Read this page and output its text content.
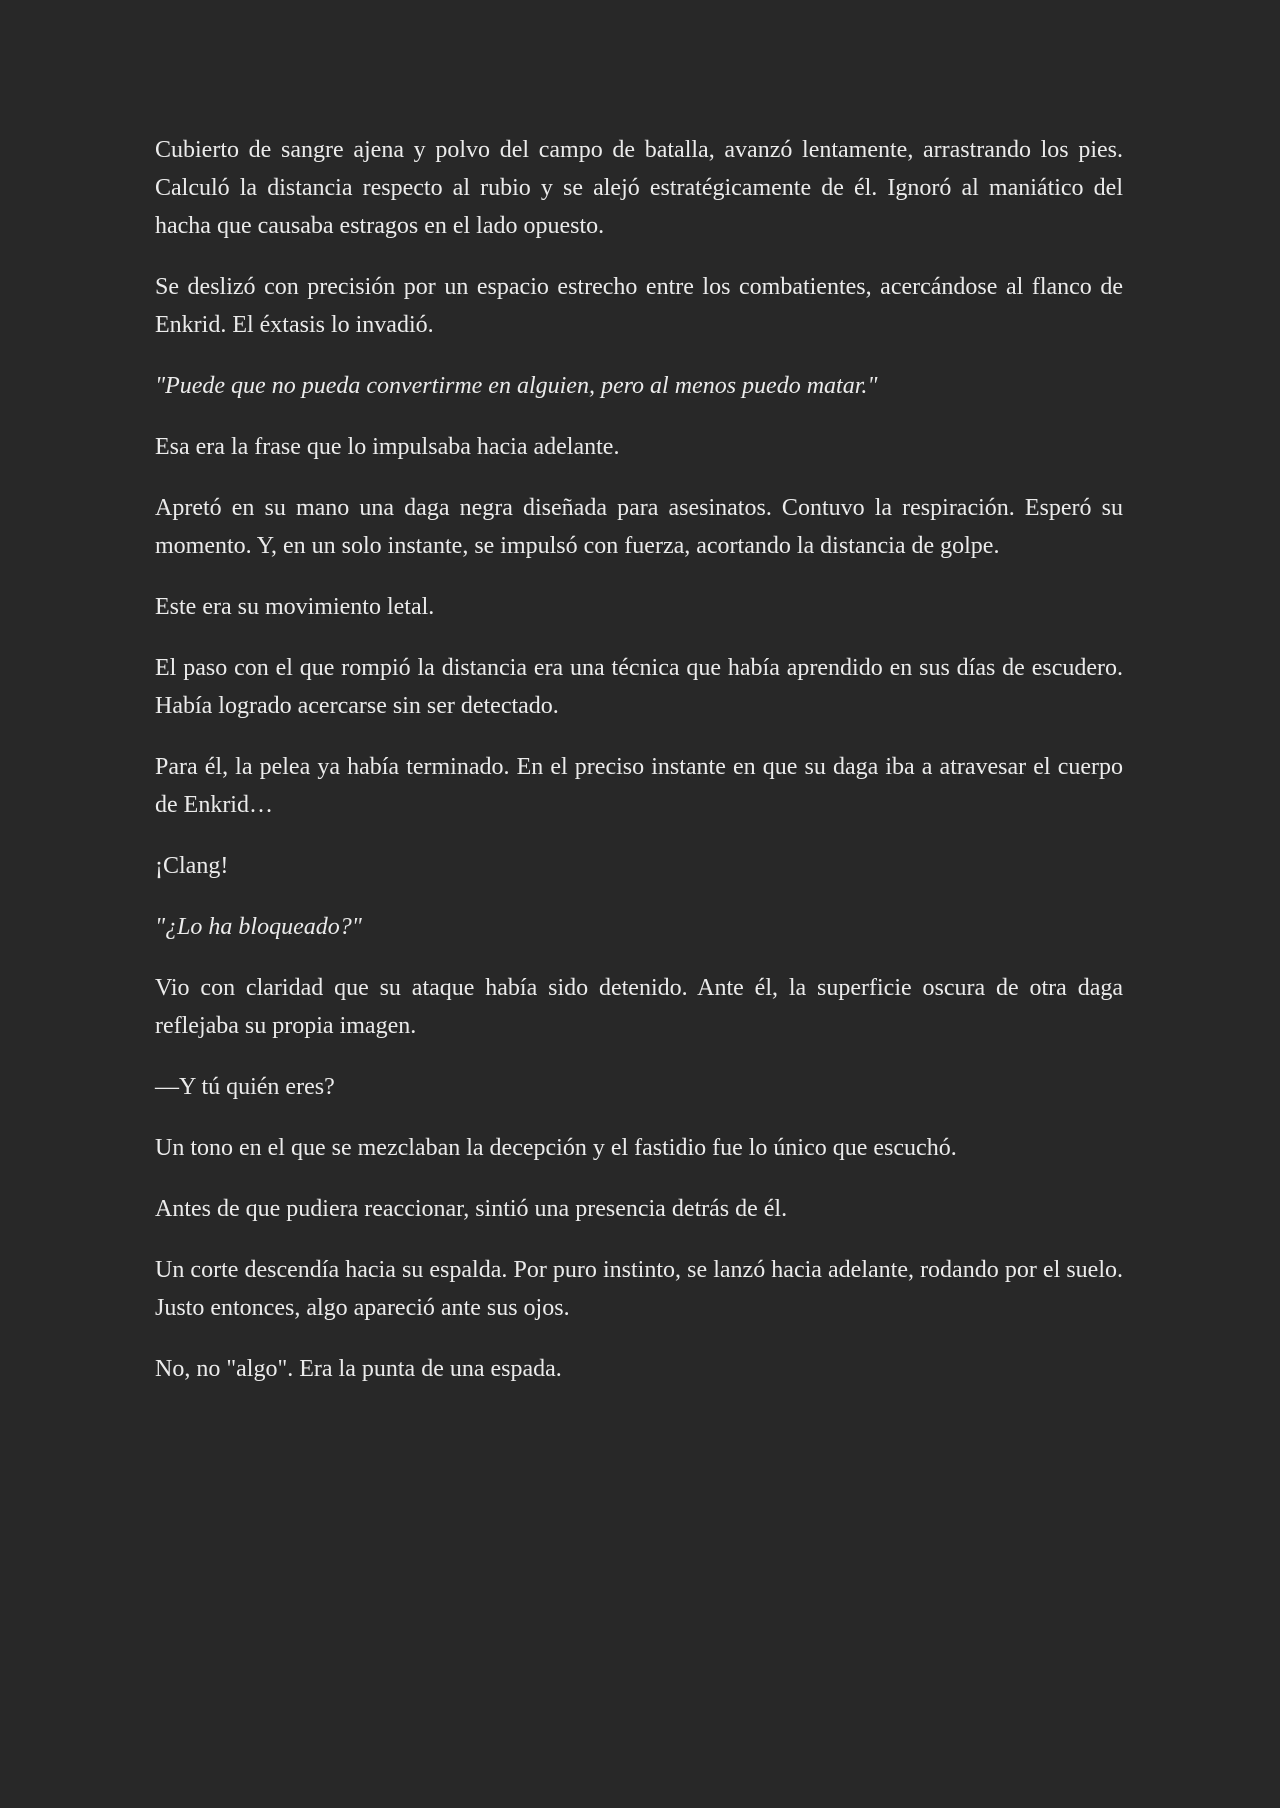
Cubierto de sangre ajena y polvo del campo de batalla, avanzó lentamente, arrastrando los pies. Calculó la distancia respecto al rubio y se alejó estratégicamente de él. Ignoró al maniático del hacha que causaba estragos en el lado opuesto.

Se deslizó con precisión por un espacio estrecho entre los combatientes, acercándose al flanco de Enkrid. El éxtasis lo invadió.

"Puede que no pueda convertirme en alguien, pero al menos puedo matar."

Esa era la frase que lo impulsaba hacia adelante.

Apretó en su mano una daga negra diseñada para asesinatos. Contuvo la respiración. Esperó su momento. Y, en un solo instante, se impulsó con fuerza, acortando la distancia de golpe.

Este era su movimiento letal.

El paso con el que rompió la distancia era una técnica que había aprendido en sus días de escudero. Había logrado acercarse sin ser detectado.

Para él, la pelea ya había terminado. En el preciso instante en que su daga iba a atravesar el cuerpo de Enkrid…

¡Clang!

"¿Lo ha bloqueado?"

Vio con claridad que su ataque había sido detenido. Ante él, la superficie oscura de otra daga reflejaba su propia imagen.

—Y tú quién eres?

Un tono en el que se mezclaban la decepción y el fastidio fue lo único que escuchó.

Antes de que pudiera reaccionar, sintió una presencia detrás de él.

Un corte descendía hacia su espalda. Por puro instinto, se lanzó hacia adelante, rodando por el suelo. Justo entonces, algo apareció ante sus ojos.

No, no "algo". Era la punta de una espada.
